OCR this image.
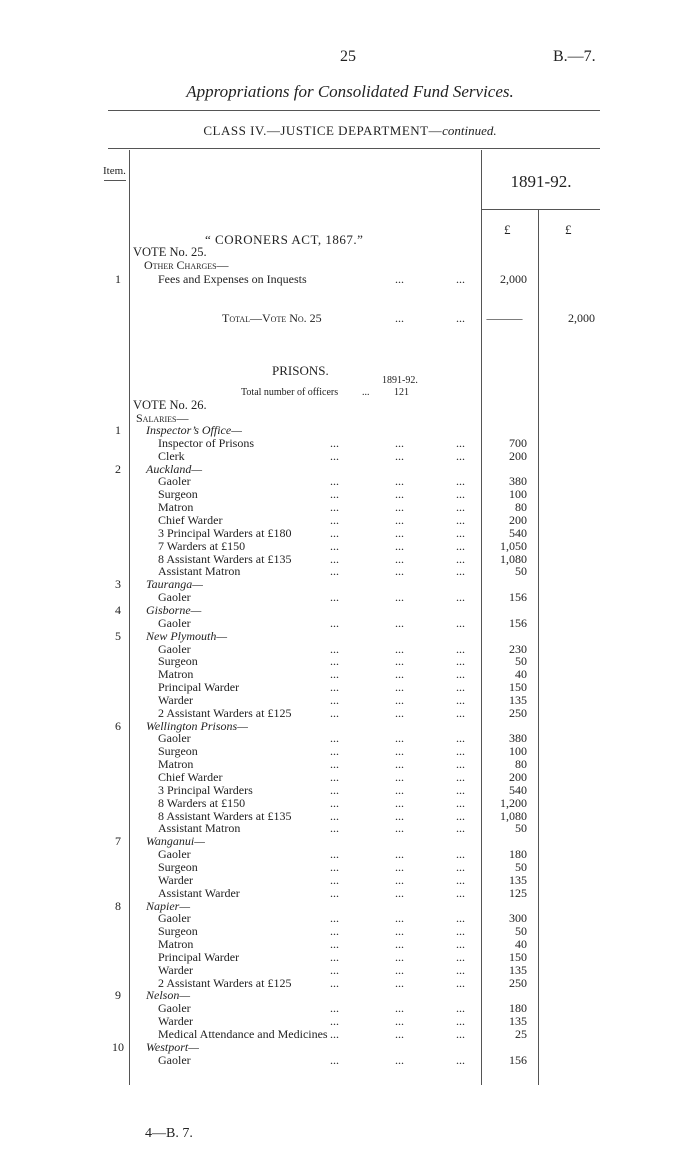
25	B.—7.
Appropriations for Consolidated Fund Services.
CLASS IV.—JUSTICE DEPARTMENT—continued.
Item.
1891-92.
£	£
“ CORONERS ACT, 1867.”
VOTE No. 25.
Other Charges—
1	Fees and Expenses on Inquests	...	...	2,000
Total—Vote No. 25	...	...	———	2,000
PRISONS.
1891-92.
Total number of officers ... 121
VOTE No. 26.
Salaries—
1 Inspector’s Office—
Inspector of Prisons	...	...	...	700
Clerk	...	...	...	200
2 Auckland—
Gaoler	...	...	...	380
Surgeon	...	...	...	100
Matron	...	...	...	80
Chief Warder	...	...	...	200
3 Principal Warders at £180	...	...	...	540
7 Warders at £150	...	...	...	1,050
8 Assistant Warders at £135	...	...	...	1,080
Assistant Matron	...	...	...	50
3 Tauranga—
Gaoler	...	...	...	156
4 Gisborne—
Gaoler	...	...	...	156
5 New Plymouth—
Gaoler	...	...	...	230
Surgeon	...	...	...	50
Matron	...	...	...	40
Principal Warder	...	...	...	150
Warder	...	...	...	135
2 Assistant Warders at £125	...	...	...	250
6 Wellington Prisons—
Gaoler	...	...	...	380
Surgeon	...	...	...	100
Matron	...	...	...	80
Chief Warder	...	...	...	200
3 Principal Warders	...	...	...	540
8 Warders at £150	...	...	...	1,200
8 Assistant Warders at £135	...	...	...	1,080
Assistant Matron	...	...	...	50
7 Wanganui—
Gaoler	...	...	...	180
Surgeon	...	...	...	50
Warder	...	...	...	135
Assistant Warder	...	...	...	125
8 Napier—
Gaoler	...	...	...	300
Surgeon	...	...	...	50
Matron	...	...	...	40
Principal Warder	...	...	...	150
Warder	...	...	...	135
2 Assistant Warders at £125	...	...	...	250
9 Nelson—
Gaoler	...	...	...	180
Warder	...	...	...	135
Medical Attendance and Medicines ...	...	...	25
10 Westport—
Gaoler	...	...	...	156
4—B. 7.
